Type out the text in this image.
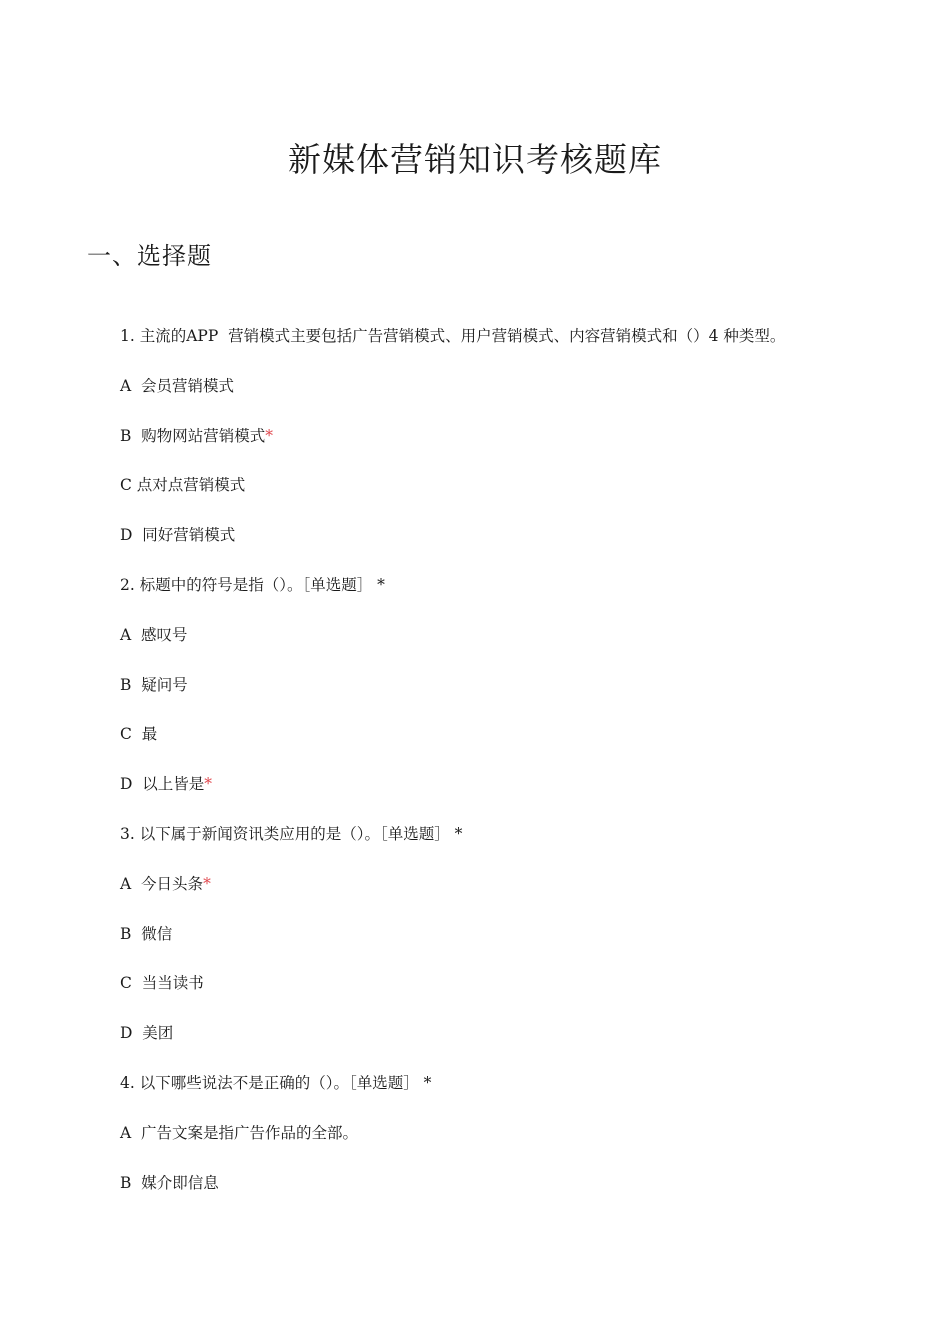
新媒体营销知识考核题库
一、选择题
1. 主流的APP  营销模式主要包括广告营销模式、用户营销模式、内容营销模式和（）4 种类型。
A  会员营销模式
B  购物网站营销模式*
C 点对点营销模式
D  同好营销模式
2. 标题中的符号是指（）。［单选题］ *
A  感叹号
B  疑问号
C  最
D  以上皆是*
3. 以下属于新闻资讯类应用的是（）。［单选题］ *
A  今日头条*
B  微信
C  当当读书
D  美团
4. 以下哪些说法不是正确的（）。［单选题］ *
A  广告文案是指广告作品的全部。
B  媒介即信息
